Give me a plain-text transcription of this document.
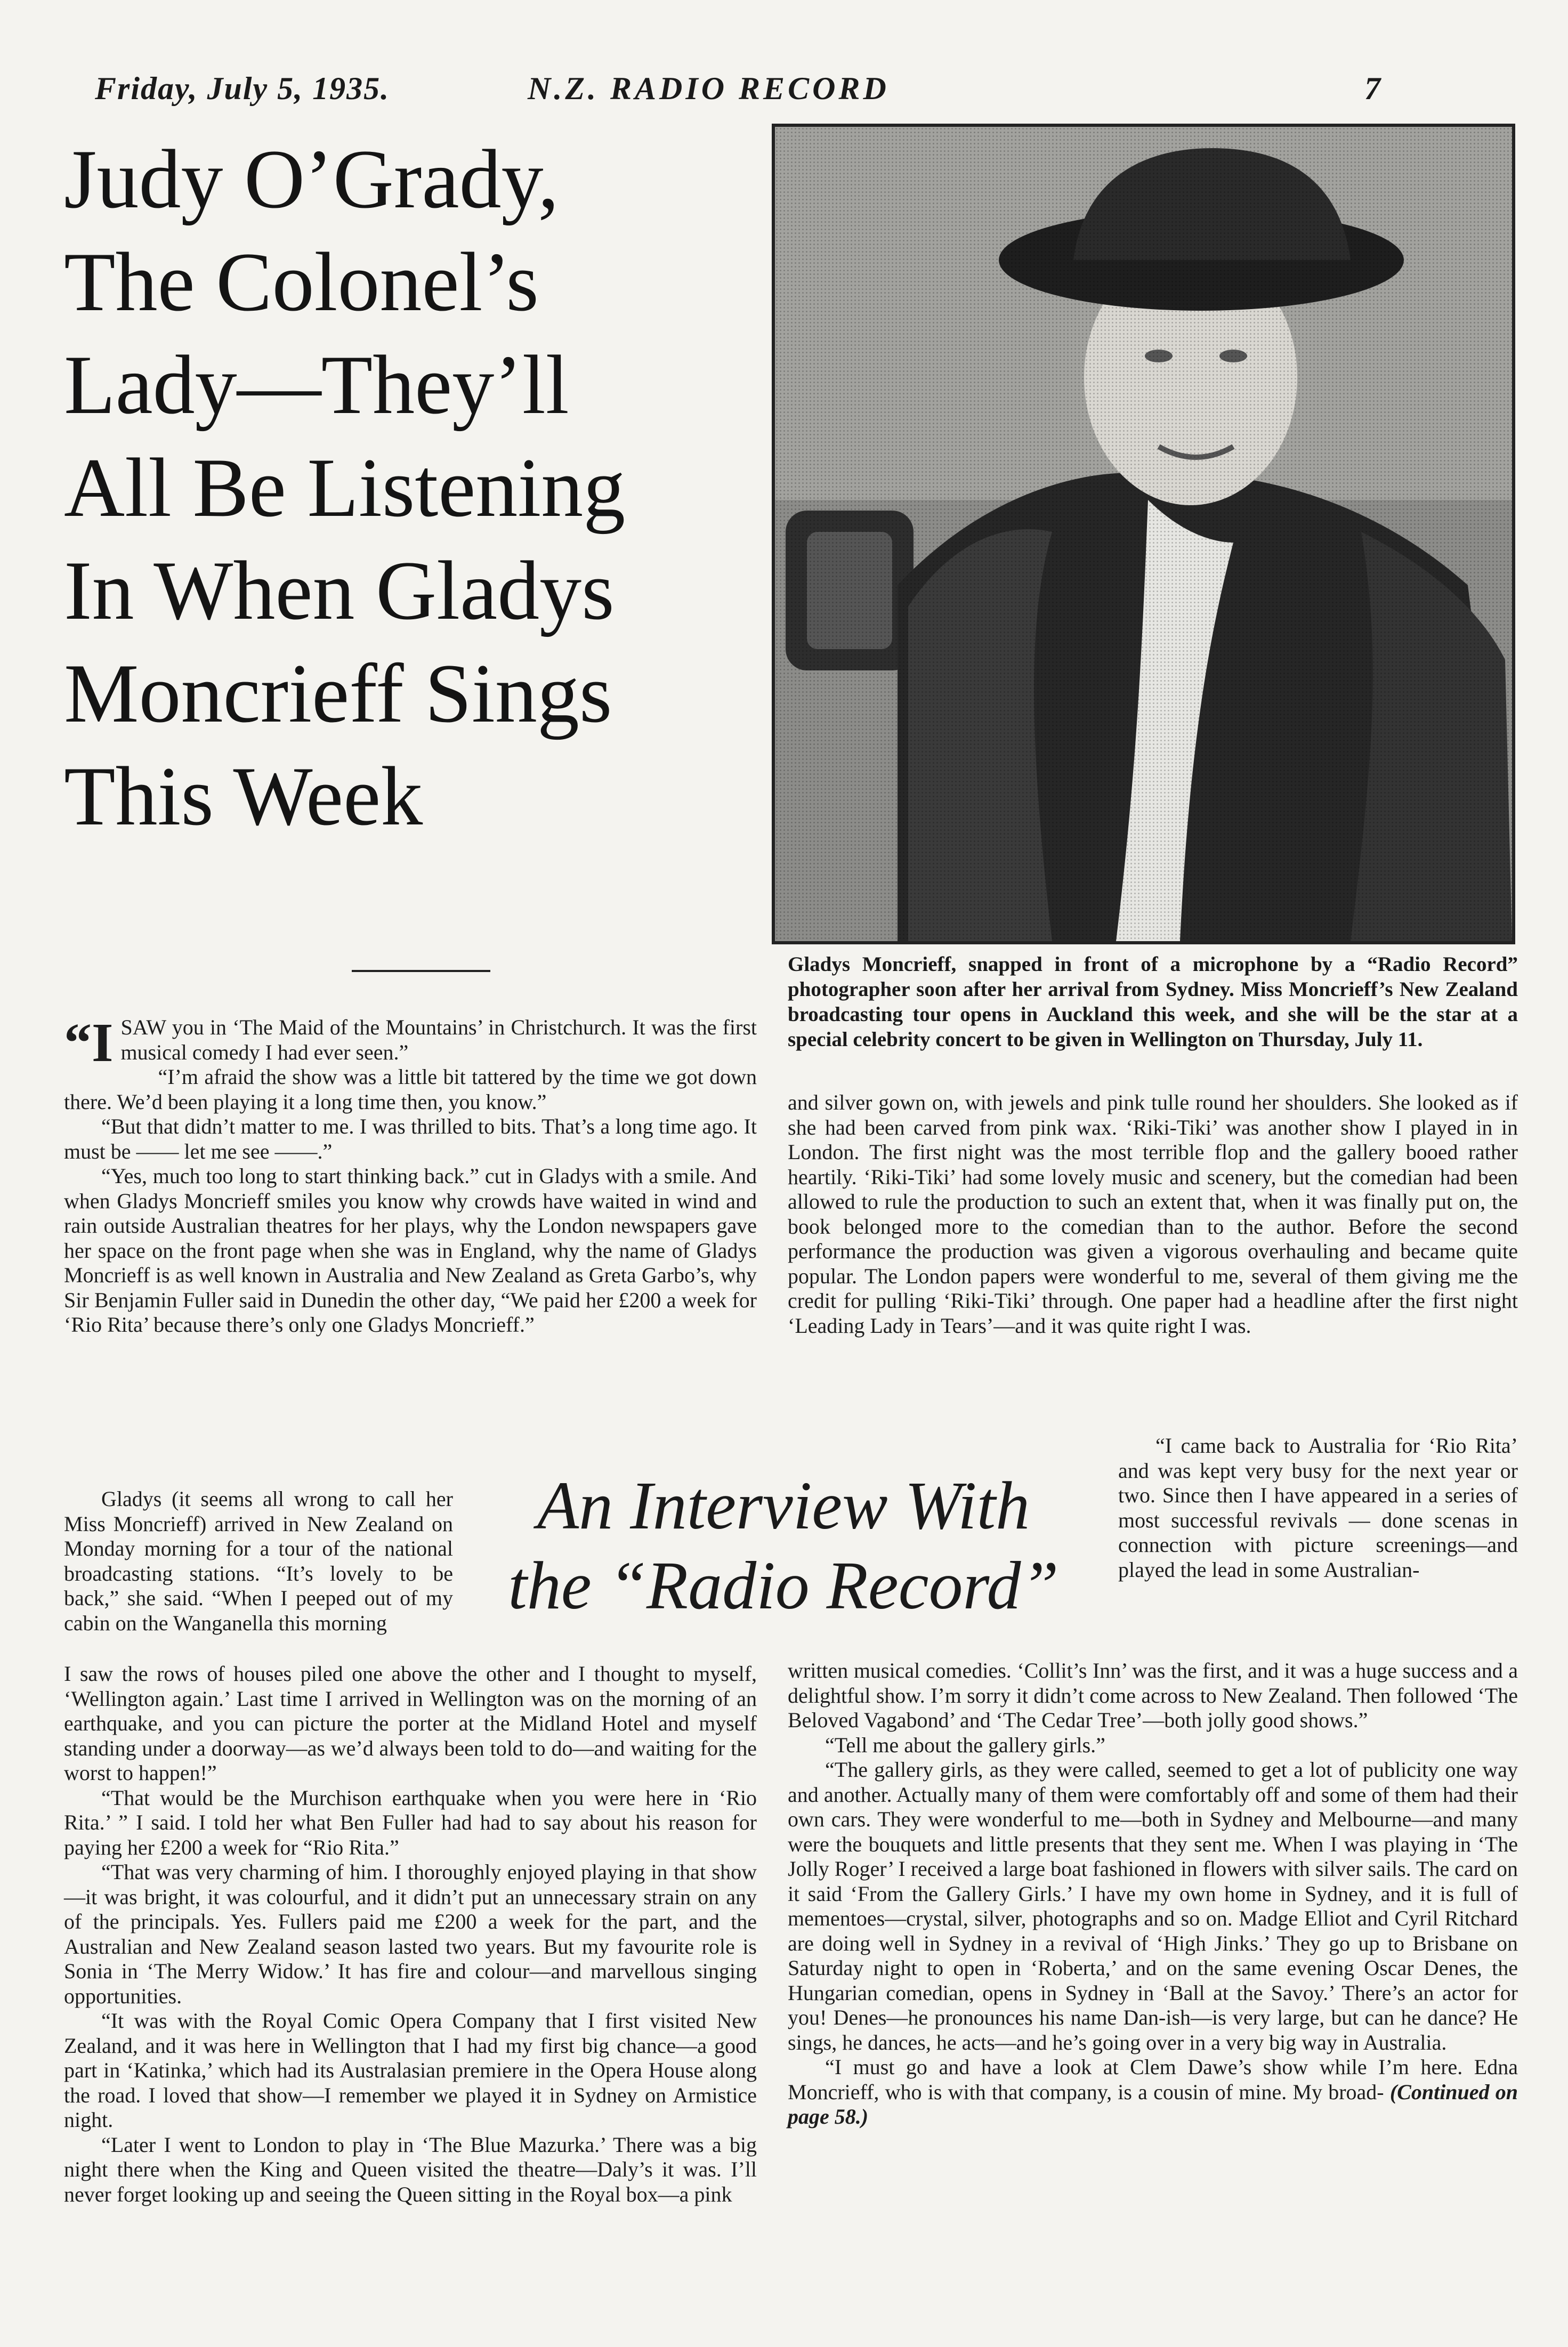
Friday, July 5, 1935.	N.Z. RADIO RECORD	7
Judy O’Grady,
The Colonel’s
Lady—They’ll
All Be Listening
In When Gladys
Moncrieff Sings
This Week
Gladys Moncrieff, snapped in front of a microphone by a “Radio Record” photographer soon after her arrival from Sydney. Miss Moncrieff’s New Zealand broadcasting tour opens in Auckland this week, and she will be the star at a special celebrity concert to be given in Wellington on Thursday, July 11.

“ISAW you in ‘The Maid of the Mountains’ in Christchurch. It was the first musical comedy I had ever seen.”

“I’m afraid the show was a little bit tattered by the time we got down there. We’d been playing it a long time then, you know.”

“But that didn’t matter to me. I was thrilled to bits. That’s a long time ago. It must be —— let me see ——.”

“Yes, much too long to start thinking back.” cut in Gladys with a smile. And when Gladys Moncrieff smiles you know why crowds have waited in wind and rain outside Australian theatres for her plays, why the London newspapers gave her space on the front page when she was in England, why the name of Gladys Moncrieff is as well known in Australia and New Zealand as Greta Garbo’s, why Sir Benjamin Fuller said in Dunedin the other day, “We paid her £200 a week for ‘Rio Rita’ because there’s only one Gladys Moncrieff.”

Gladys (it seems all wrong to call her Miss Moncrieff) arrived in New Zealand on Monday morning for a tour of the national broadcasting stations. “It’s lovely to be back,” she said. “When I peeped out of my cabin on the Wanganella this morning

An Interview With
the “Radio Record”

I saw the rows of houses piled one above the other and I thought to myself, ‘Wellington again.’ Last time I arrived in Wellington was on the morning of an earthquake, and you can picture the porter at the Midland Hotel and myself standing under a doorway—as we’d always been told to do—and waiting for the worst to happen!”

“That would be the Murchison earthquake when you were here in ‘Rio Rita.’ ” I said. I told her what Ben Fuller had had to say about his reason for paying her £200 a week for “Rio Rita.”

“That was very charming of him. I thoroughly enjoyed playing in that show—it was bright, it was colourful, and it didn’t put an unnecessary strain on any of the principals. Yes. Fullers paid me £200 a week for the part, and the Australian and New Zealand season lasted two years. But my favourite role is Sonia in ‘The Merry Widow.’ It has fire and colour—and marvellous singing opportunities.

“It was with the Royal Comic Opera Company that I first visited New Zealand, and it was here in Wellington that I had my first big chance—a good part in ‘Katinka,’ which had its Australasian premiere in the Opera House along the road. I loved that show—I remember we played it in Sydney on Armistice night.

“Later I went to London to play in ‘The Blue Mazurka.’ There was a big night there when the King and Queen visited the theatre—Daly’s it was. I’ll never forget looking up and seeing the Queen sitting in the Royal box—a pink

and silver gown on, with jewels and pink tulle round her shoulders. She looked as if she had been carved from pink wax. ‘Riki-Tiki’ was another show I played in in London. The first night was the most terrible flop and the gallery booed rather heartily. ‘Riki-Tiki’ had some lovely music and scenery, but the comedian had been allowed to rule the production to such an extent that, when it was finally put on, the book belonged more to the comedian than to the author. Before the second performance the production was given a vigorous overhauling and became quite popular. The London papers were wonderful to me, several of them giving me the credit for pulling ‘Riki-Tiki’ through. One paper had a headline after the first night ‘Leading Lady in Tears’—and it was quite right I was.

“I came back to Australia for ‘Rio Rita’ and was kept very busy for the next year or two. Since then I have appeared in a series of most successful revivals — done scenas in connection with picture screenings—and played the lead in some Australian-

written musical comedies. ‘Collit’s Inn’ was the first, and it was a huge success and a delightful show. I’m sorry it didn’t come across to New Zealand. Then followed ‘The Beloved Vagabond’ and ‘The Cedar Tree’—both jolly good shows.”

“Tell me about the gallery girls.”

“The gallery girls, as they were called, seemed to get a lot of publicity one way and another. Actually many of them were comfortably off and some of them had their own cars. They were wonderful to me—both in Sydney and Melbourne—and many were the bouquets and little presents that they sent me. When I was playing in ‘The Jolly Roger’ I received a large boat fashioned in flowers with silver sails. The card on it said ‘From the Gallery Girls.’ I have my own home in Sydney, and it is full of mementoes—crystal, silver, photographs and so on. Madge Elliot and Cyril Ritchard are doing well in Sydney in a revival of ‘High Jinks.’ They go up to Brisbane on Saturday night to open in ‘Roberta,’ and on the same evening Oscar Denes, the Hungarian comedian, opens in Sydney in ‘Ball at the Savoy.’ There’s an actor for you! Denes—he pronounces his name Dan-ish—is very large, but can he dance? He sings, he dances, he acts—and he’s going over in a very big way in Australia.

“I must go and have a look at Clem Dawe’s show while I’m here. Edna Moncrieff, who is with that company, is a cousin of mine. My broad- (Continued on page 58.)
